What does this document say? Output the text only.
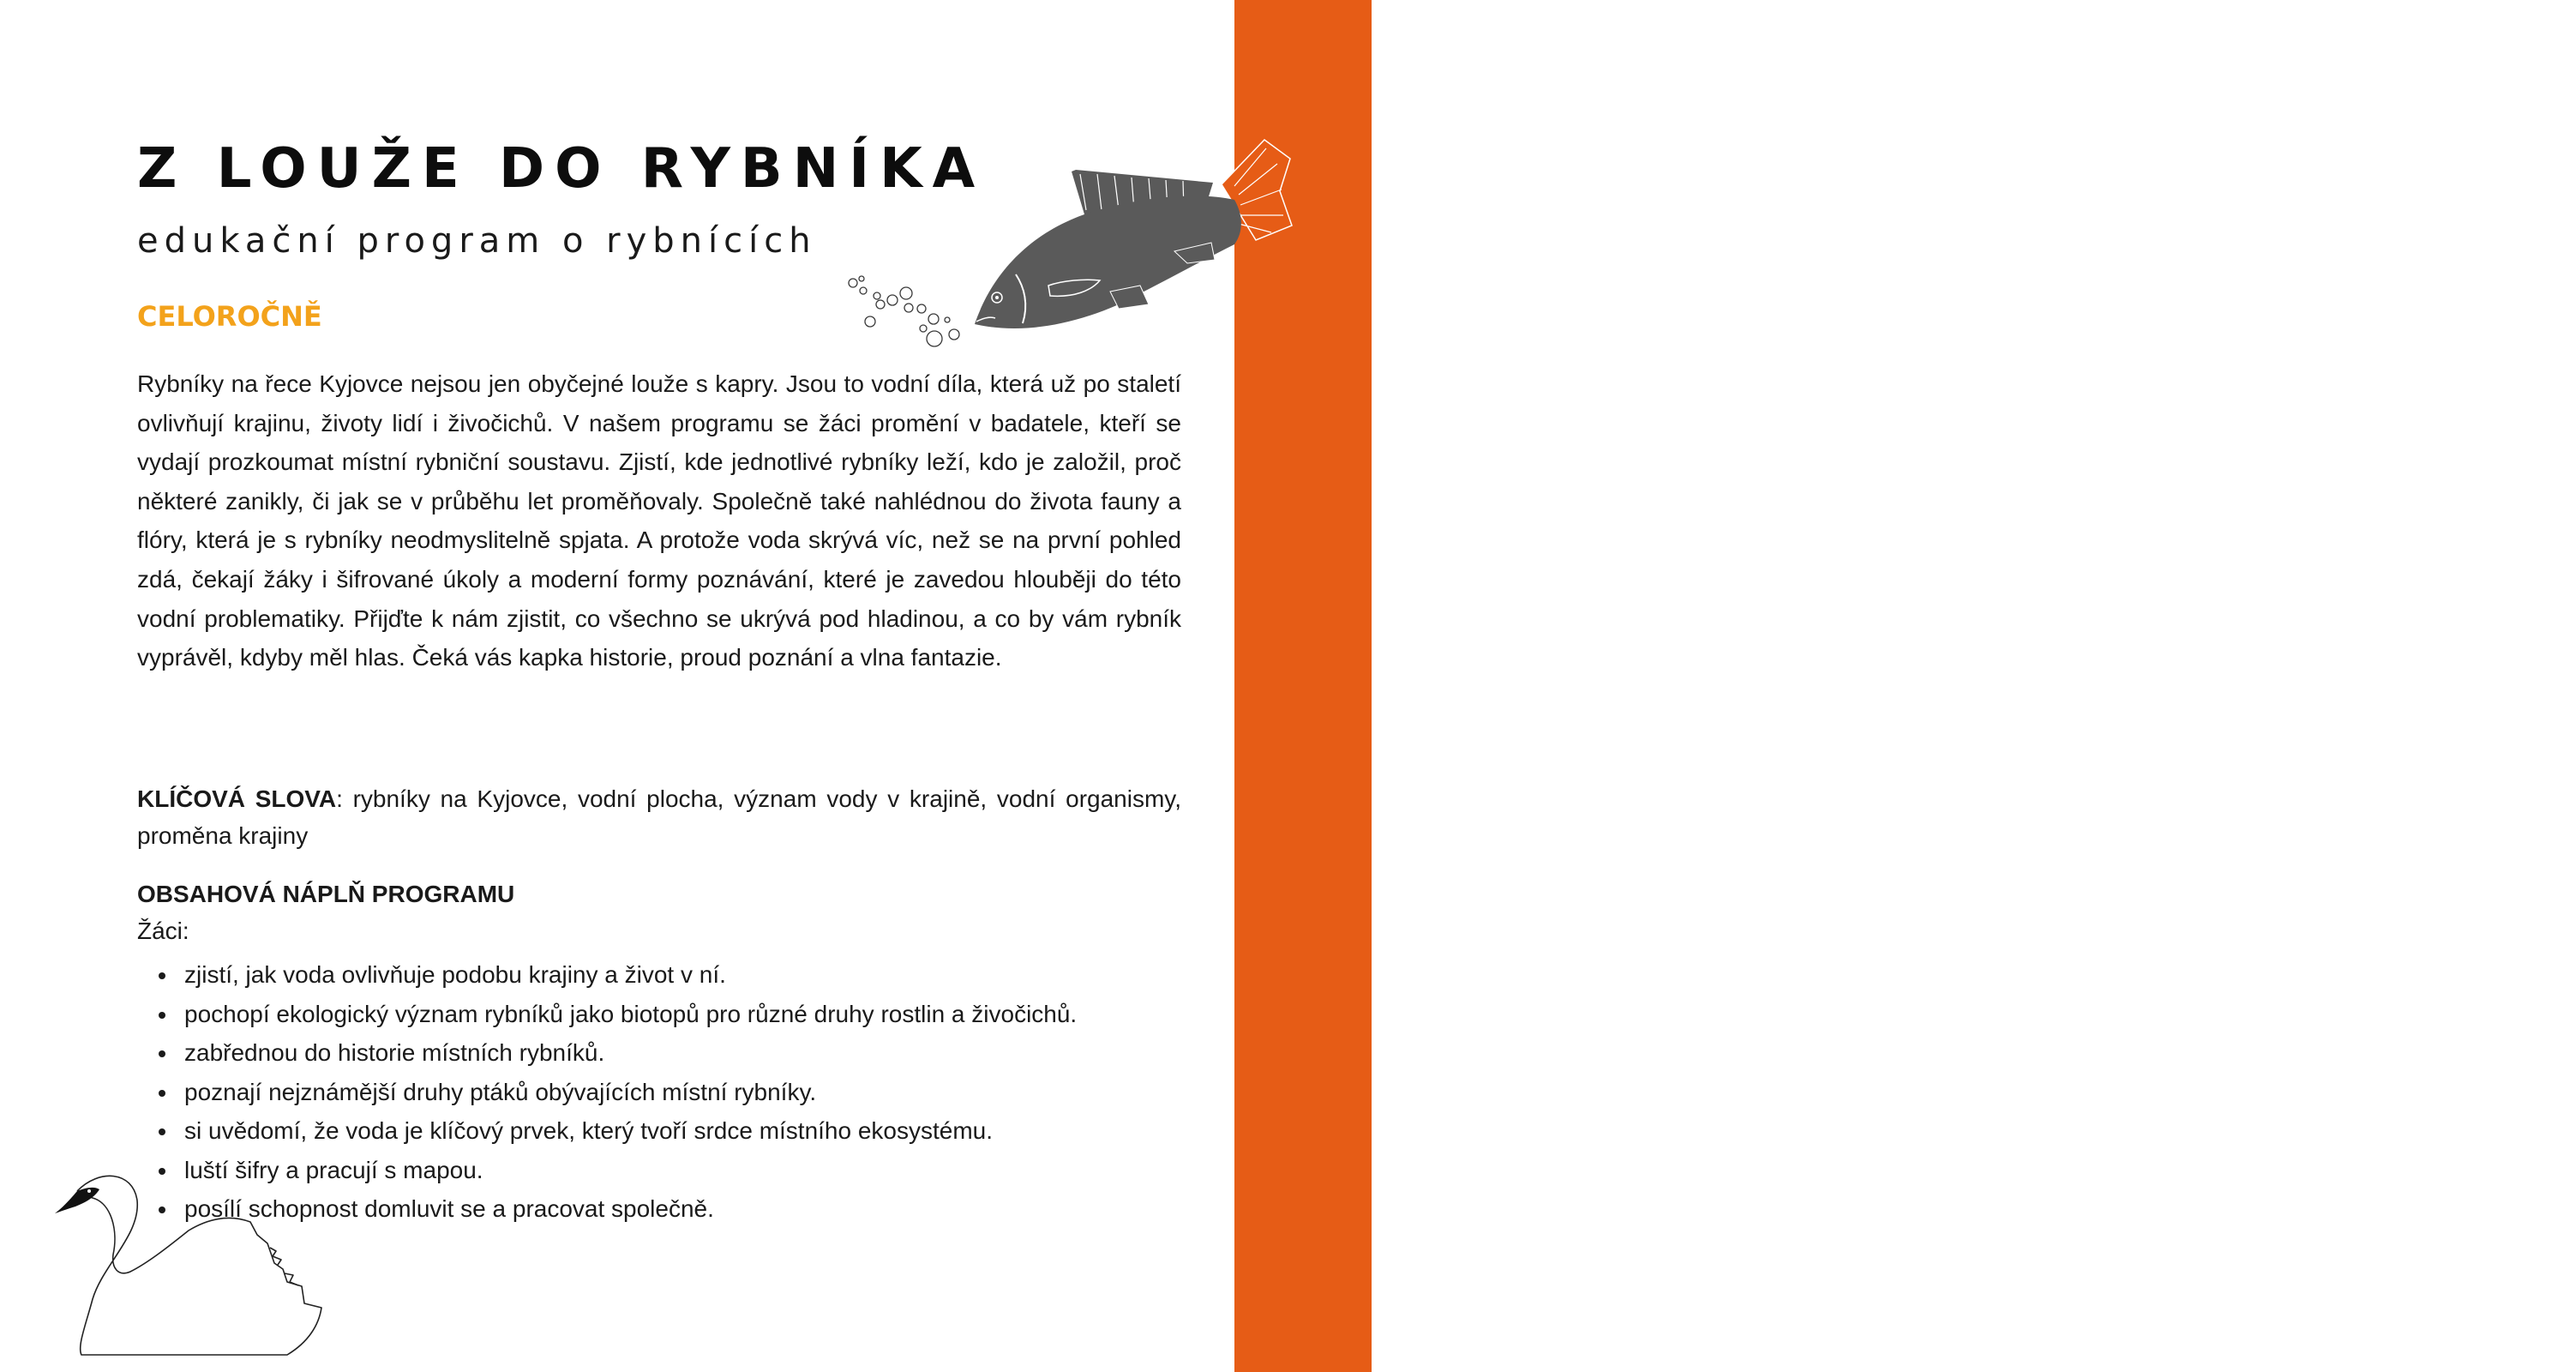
2. stupeň ZŠ
Z LOUŽE DO RYBNÍKA
edukační program o rybnících
CELOROČNĚ

Rybníky na řece Kyjovce nejsou jen obyčejné louže s kapry. Jsou to vodní díla, která už po staletí ovlivňují krajinu, životy lidí i živočichů. V našem programu se žáci promění v badatele, kteří se vydají prozkoumat místní rybniční soustavu. Zjistí, kde jednotlivé rybníky leží, kdo je založil, proč některé zanikly, či jak se v průběhu let proměňovaly. Společně také nahlédnou do života fauny a flóry, která je s rybníky neodmyslitelně spjata. A protože voda skrývá víc, než se na první pohled zdá, čekají žáky i šifrované úkoly a moderní formy poznávání, které je zavedou hlouběji do této vodní problematiky. Přijďte k nám zjistit, co všechno se ukrývá pod hladinou, a co by vám rybník vyprávěl, kdyby měl hlas. Čeká vás kapka historie, proud poznání a vlna fantazie.

KLÍČOVÁ SLOVA: rybníky na Kyjovce, vodní plocha, význam vody v krajině, vodní organismy, proměna krajiny

OBSAHOVÁ NÁPLŇ PROGRAMU
Žáci:
zjistí, jak voda ovlivňuje podobu krajiny a život v ní.
pochopí ekologický význam rybníků jako biotopů pro různé druhy rostlin a živočichů.
zabřednou do historie místních rybníků.
poznají nejznámější druhy ptáků obývajících místní rybníky.
si uvědomí, že voda je klíčový prvek, který tvoří srdce místního ekosystému.
luští šifry a pracují s mapou.
posílí schopnost domluvit se a pracovat společně.
